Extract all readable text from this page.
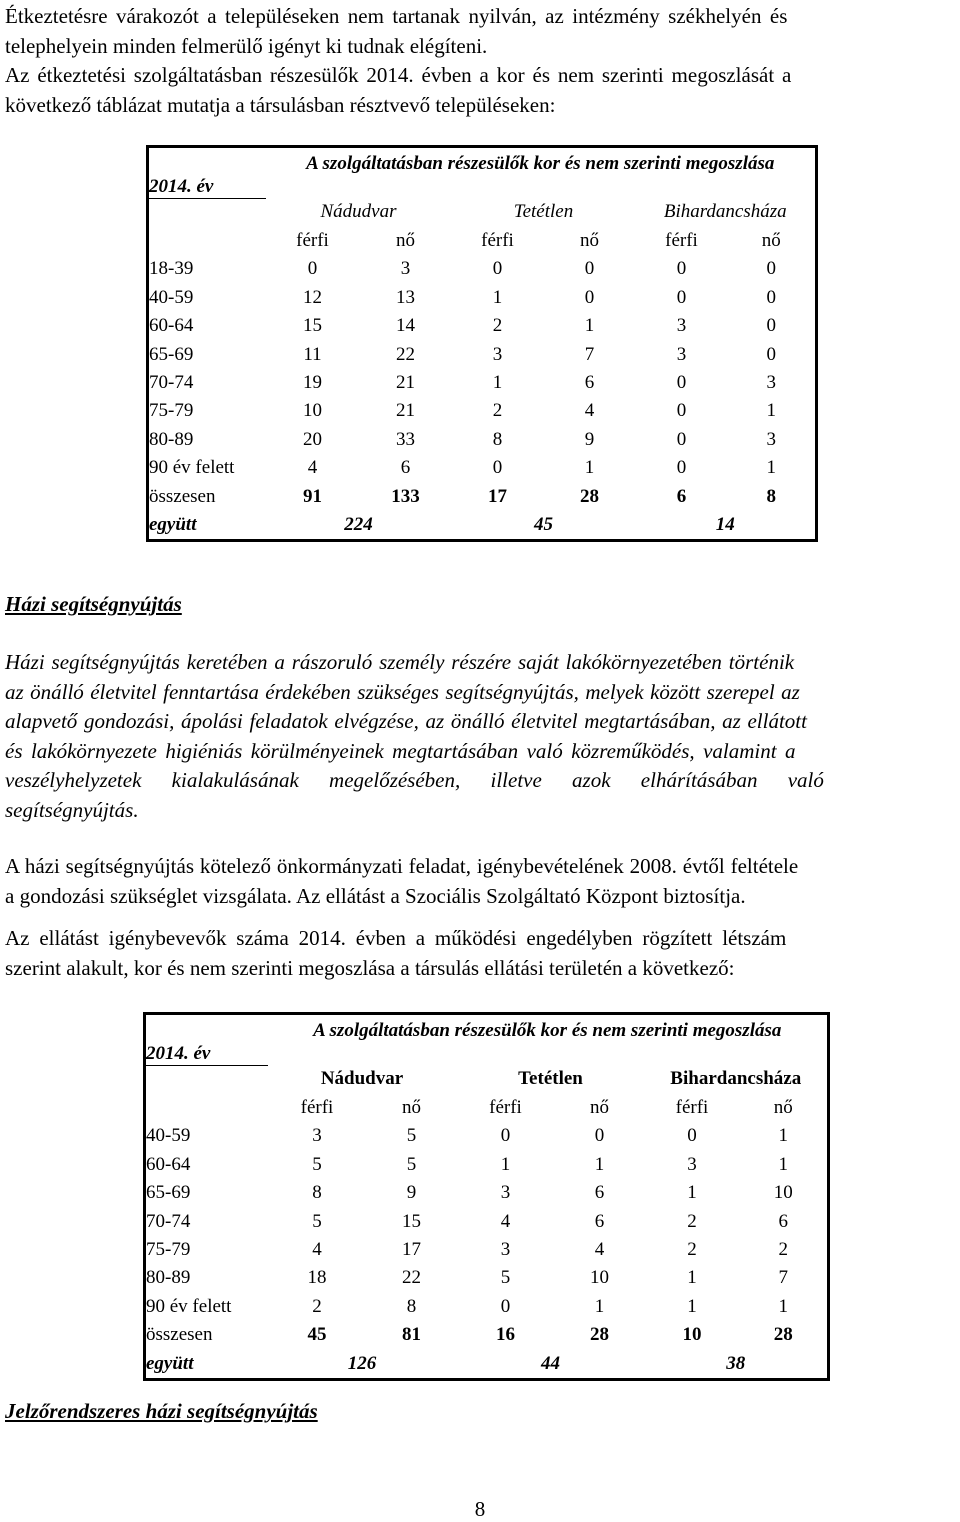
Étkeztetésre várakozót a településeken nem tartanak nyilván, az intézmény székhelyén és
telephelyein minden felmerülő igényt ki tudnak elégíteni.
Az étkeztetési szolgáltatásban részesülők 2014. évben a kor és nem szerinti megoszlását a
következő táblázat mutatja a társulásban résztvevő településeken:
2014. év	A szolgáltatásban részesülők kor és nem szerinti megoszlása					

	Nádudvar		Tetétlen		Bihardancsháza	
	férfi	nő	férfi	nő	férfi	nő
18-39	0	3	0	0	0	0
40-59	12	13	1	0	0	0
60-64	15	14	2	1	3	0
65-69	11	22	3	7	3	0
70-74	19	21	1	6	0	3
75-79	10	21	2	4	0	1
80-89	20	33	8	9	0	3
90 év felett	4	6	0	1	0	1
összesen	91	133	17	28	6	8
együtt	224		45		14	
Házi segítségnyújtás
Házi segítségnyújtás keretében a rászoruló személy részére saját lakókörnyezetében történik
az önálló életvitel fenntartása érdekében szükséges segítségnyújtás, melyek között szerepel az
alapvető gondozási, ápolási feladatok elvégzése, az önálló életvitel megtartásában, az ellátott
és lakókörnyezete higiéniás körülményeinek megtartásában való közreműködés, valamint a
veszélyhelyzetek kialakulásának megelőzésében, illetve azok elhárításában való
segítségnyújtás.
A házi segítségnyújtás kötelező önkormányzati feladat, igénybevételének 2008. évtől feltétele
a gondozási szükséglet vizsgálata. Az ellátást a Szociális Szolgáltató Központ biztosítja.
Az ellátást igénybevevők száma 2014. évben a működési engedélyben rögzített létszám
szerint alakult, kor és nem szerinti megoszlása a társulás ellátási területén a következő:
2014. év	A szolgáltatásban részesülők kor és nem szerinti megoszlása					

	Nádudvar		Tetétlen		Bihardancsháza	
	férfi	nő	férfi	nő	férfi	nő
40-59	3	5	0	0	0	1
60-64	5	5	1	1	3	1
65-69	8	9	3	6	1	10
70-74	5	15	4	6	2	6
75-79	4	17	3	4	2	2
80-89	18	22	5	10	1	7
90 év felett	2	8	0	1	1	1
összesen	45	81	16	28	10	28
együtt	126		44		38	
Jelzőrendszeres házi segítségnyújtás
8
